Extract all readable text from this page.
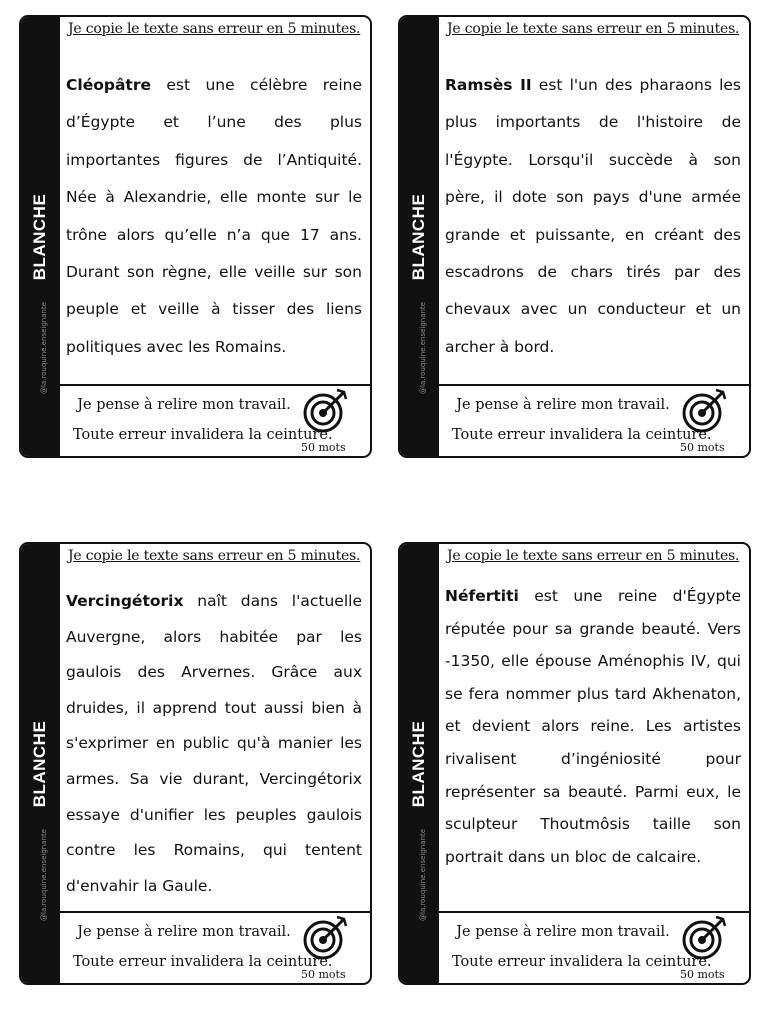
BLANCHE
@la.rouquine.enseignante
Je copie le texte sans erreur en 5 minutes.
Cléopâtre est une célèbre reine d’Égypte et l’une des plus importantes figures de l’Antiquité. Née à Alexandrie, elle monte sur le trône alors qu’elle n’a que 17 ans. Durant son règne, elle veille sur son peuple et veille à tisser des liens politiques avec les Romains.
Je pense à relire mon travail.
Toute erreur invalidera la ceinture.
50 mots
BLANCHE
@la.rouquine.enseignante
Je copie le texte sans erreur en 5 minutes.
Ramsès II est l'un des pharaons les plus importants de l'histoire de l'Égypte. Lorsqu'il succède à son père, il dote son pays d'une armée grande et puissante, en créant des escadrons de chars tirés par des chevaux avec un conducteur et un archer à bord.
Je pense à relire mon travail.
Toute erreur invalidera la ceinture.
50 mots
BLANCHE
@la.rouquine.enseignante
Je copie le texte sans erreur en 5 minutes.
Vercingétorix naît dans l'actuelle Auvergne, alors habitée par les gaulois des Arvernes. Grâce aux druides, il apprend tout aussi bien à s'exprimer en public qu'à manier les armes. Sa vie durant, Vercingétorix essaye d'unifier les peuples gaulois contre les Romains, qui tentent d'envahir la Gaule.
Je pense à relire mon travail.
Toute erreur invalidera la ceinture.
50 mots
BLANCHE
@la.rouquine.enseignante
Je copie le texte sans erreur en 5 minutes.
Néfertiti est une reine d'Égypte réputée pour sa grande beauté. Vers -1350, elle épouse Aménophis IV, qui se fera nommer plus tard Akhenaton, et devient alors reine. Les artistes rivalisent d’ingéniosité pour représenter sa beauté. Parmi eux, le sculpteur Thoutmôsis taille son portrait dans un bloc de calcaire.
Je pense à relire mon travail.
Toute erreur invalidera la ceinture.
50 mots
